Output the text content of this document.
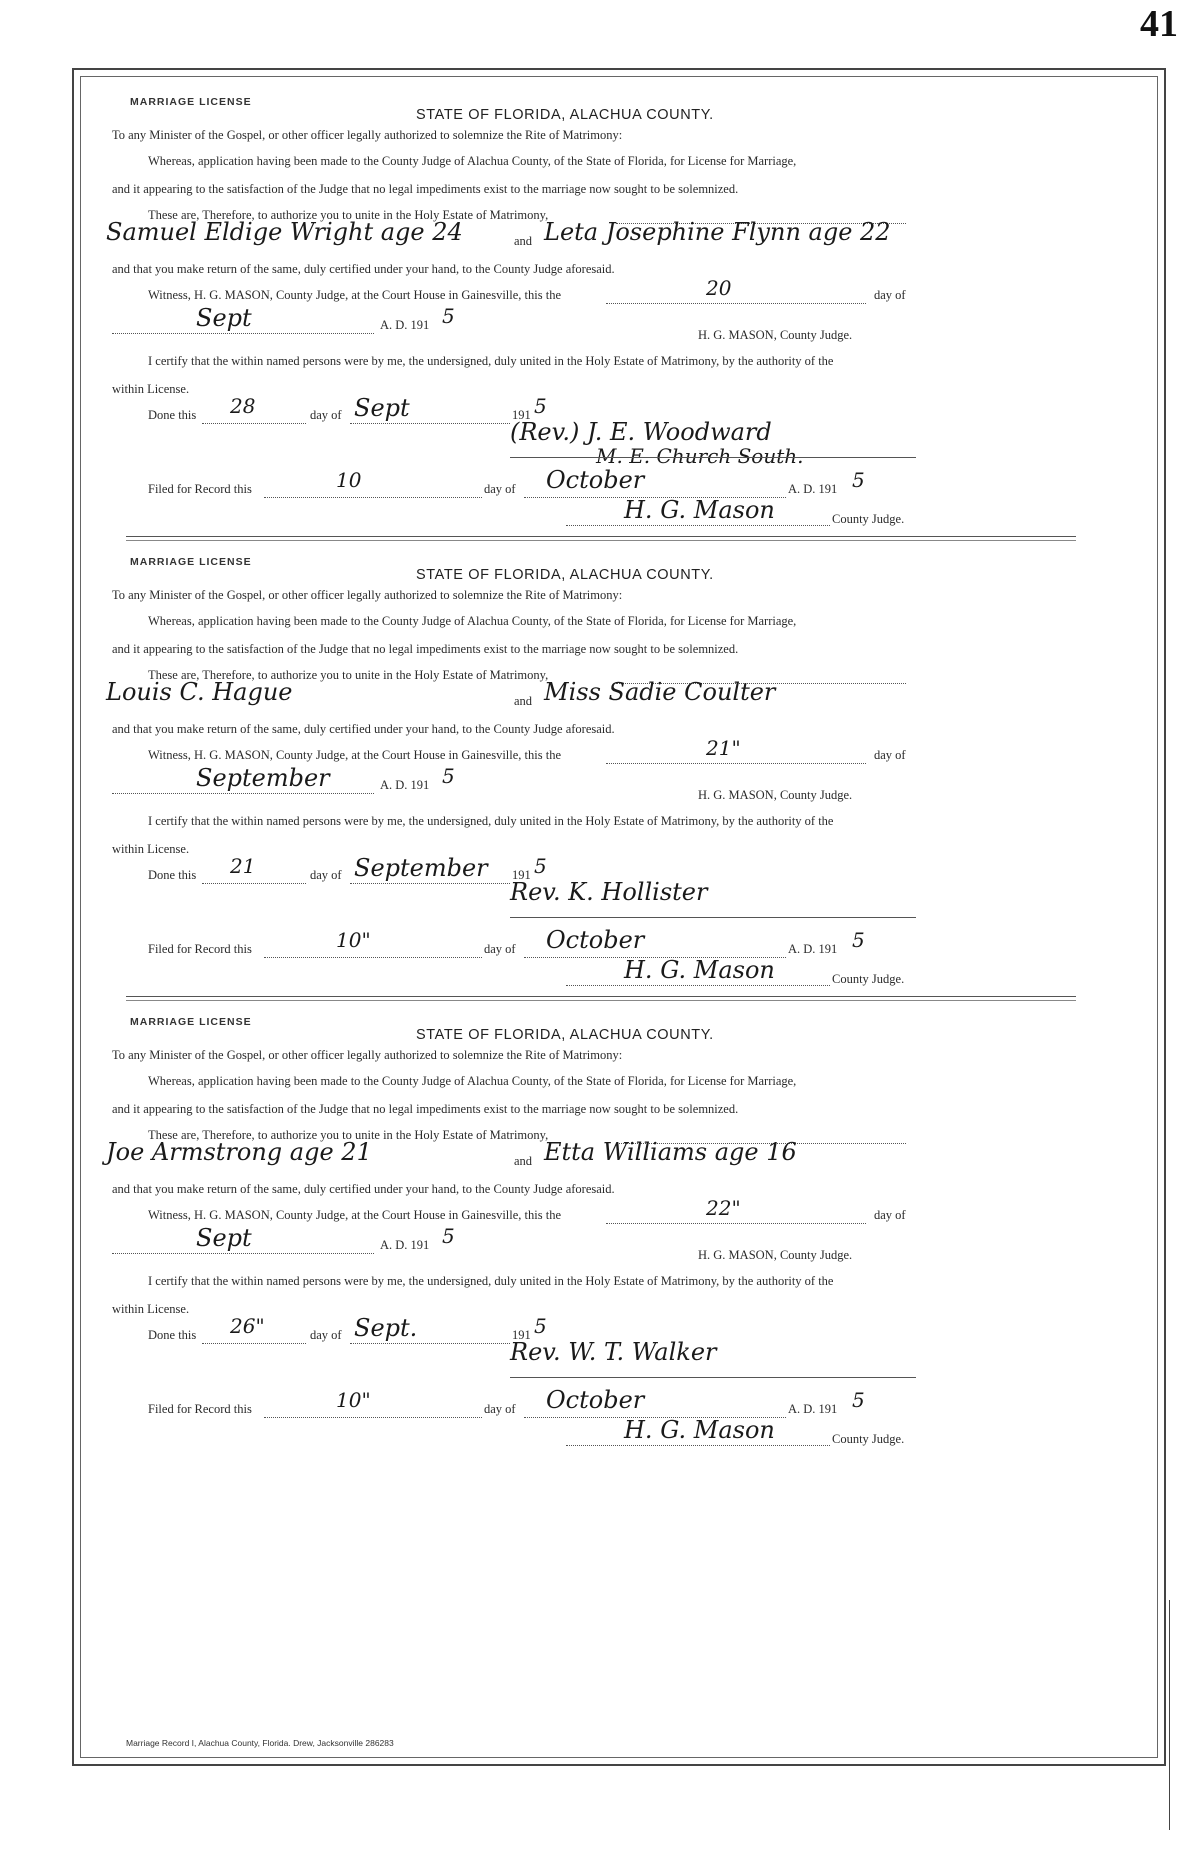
41
MARRIAGE LICENSE
STATE OF FLORIDA, ALACHUA COUNTY.
To any Minister of the Gospel, or other officer legally authorized to solemnize the Rite of Matrimony:
Whereas, application having been made to the County Judge of Alachua County, of the State of Florida, for License for Marriage,
and it appearing to the satisfaction of the Judge that no legal impediments exist to the marriage now sought to be solemnized.
These are, Therefore, to authorize you to unite in the Holy Estate of Matrimony,
Samuel Eldige Wright age 24	and Leta Josephine Flynn age 22
and that you make return of the same, duly certified under your hand, to the County Judge aforesaid.
Witness, H. G. MASON, County Judge, at the Court House in Gainesville, this the	20	day of
Sept	A. D. 191 5
H. G. MASON, County Judge.
I certify that the within named persons were by me, the undersigned, duly united in the Holy Estate of Matrimony, by the authority of the
within License.
Done this 28	day of Sept	191 5
(Rev.) J. E. Woodward
M. E. Church South.
Filed for Record this	10	day of October	A. D. 191 5
H. G. Mason	County Judge.
MARRIAGE LICENSE
STATE OF FLORIDA, ALACHUA COUNTY.
To any Minister of the Gospel, or other officer legally authorized to solemnize the Rite of Matrimony:
Whereas, application having been made to the County Judge of Alachua County, of the State of Florida, for License for Marriage,
and it appearing to the satisfaction of the Judge that no legal impediments exist to the marriage now sought to be solemnized.
These are, Therefore, to authorize you to unite in the Holy Estate of Matrimony,
Louis C. Hague	and Miss Sadie Coulter
and that you make return of the same, duly certified under your hand, to the County Judge aforesaid.
Witness, H. G. MASON, County Judge, at the Court House in Gainesville, this the	21"	day of
September	A. D. 191 5
H. G. MASON, County Judge.
I certify that the within named persons were by me, the undersigned, duly united in the Holy Estate of Matrimony, by the authority of the
within License.
Done this 21	day of September 191 5
Rev. K. Hollister
Filed for Record this	10"	day of October	A. D. 191 5
H. G. Mason	County Judge.
MARRIAGE LICENSE
STATE OF FLORIDA, ALACHUA COUNTY.
To any Minister of the Gospel, or other officer legally authorized to solemnize the Rite of Matrimony:
Whereas, application having been made to the County Judge of Alachua County, of the State of Florida, for License for Marriage,
and it appearing to the satisfaction of the Judge that no legal impediments exist to the marriage now sought to be solemnized.
These are, Therefore, to authorize you to unite in the Holy Estate of Matrimony,
Joe Armstrong age 21	and Etta Williams age 16
and that you make return of the same, duly certified under your hand, to the County Judge aforesaid.
Witness, H. G. MASON, County Judge, at the Court House in Gainesville, this the	22"	day of
Sept	A. D. 191 5
H. G. MASON, County Judge.
I certify that the within named persons were by me, the undersigned, duly united in the Holy Estate of Matrimony, by the authority of the
within License.
Done this 26"	day of Sept.	191 5
Rev. W. T. Walker
Filed for Record this	10"	day of October	A. D. 191 5
H. G. Mason	County Judge.
Marriage Record I, Alachua County, Florida. Drew, Jacksonville 286283
